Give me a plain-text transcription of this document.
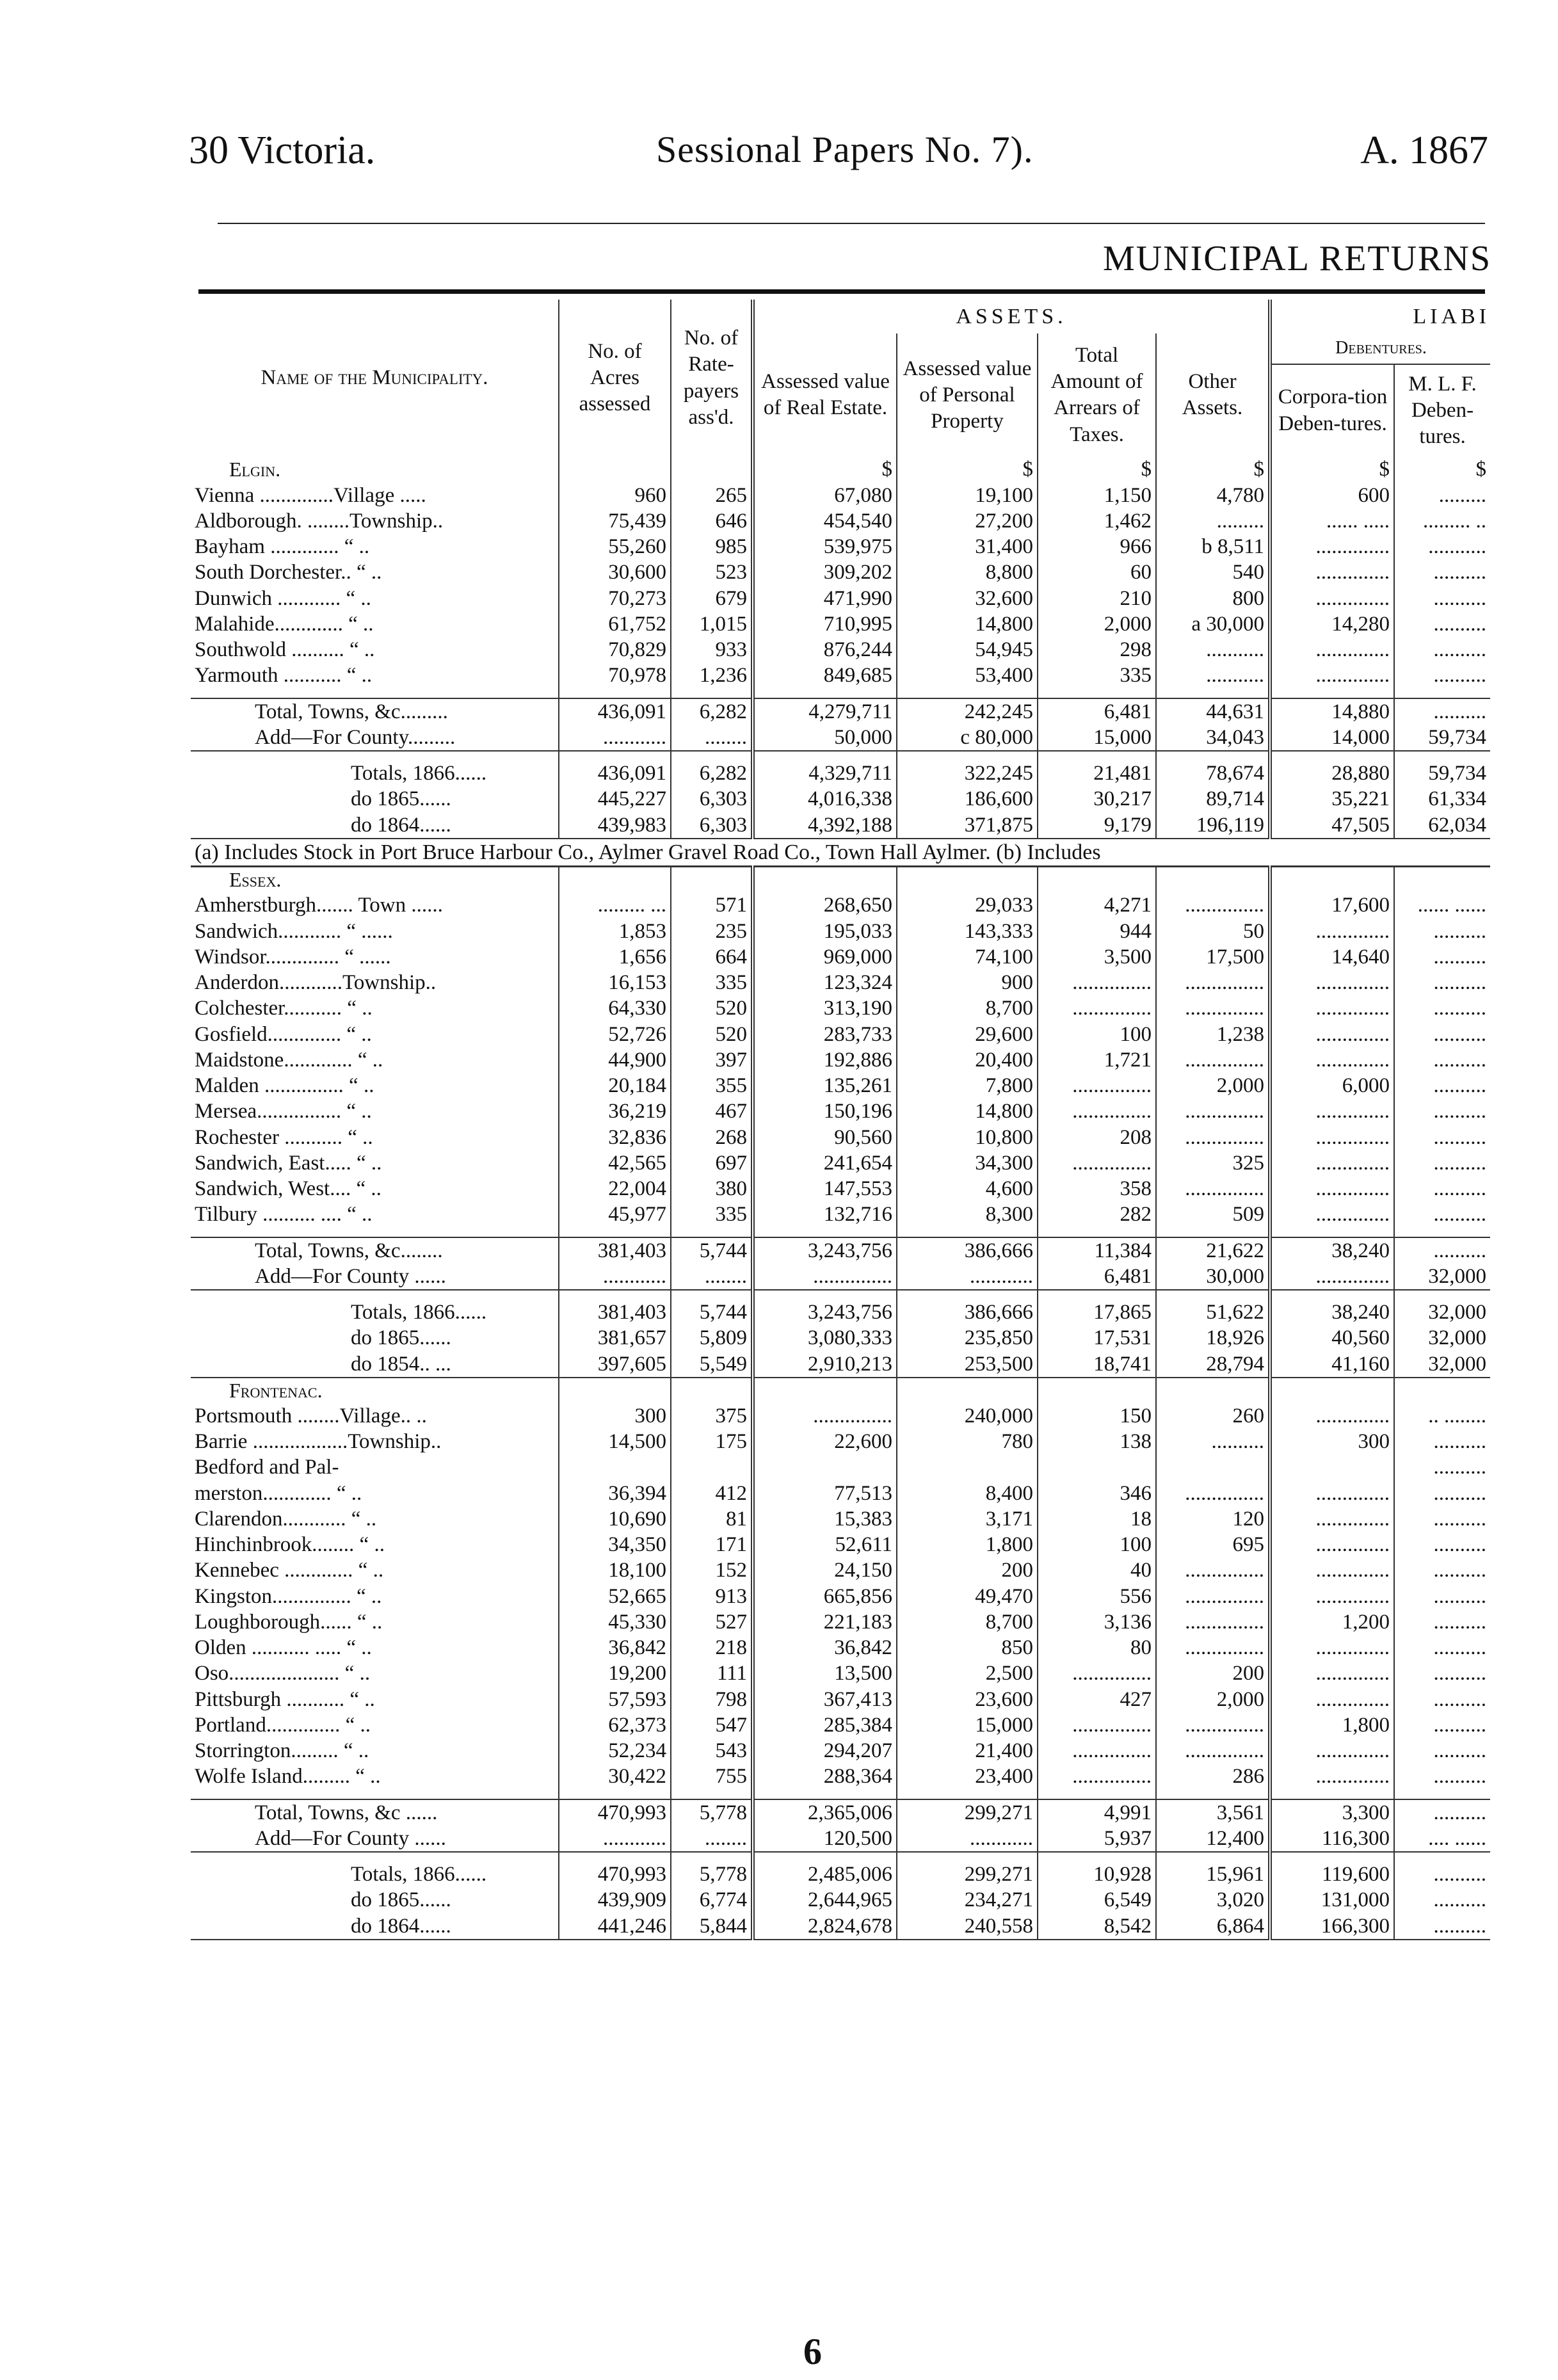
30 Victoria.	Sessional Papers No. 7).	A. 1867
MUNICIPAL RETURNS
Name of the Municipality.	No. of Acres assessed	No. of Rate-payers ass'd.	ASSETS.				LIABI	
			Assessed value of Real Estate.	Assessed value of Personal Property	Total Amount of Arrears of Taxes.	Other Assets.	Debentures.	
							Corpora-tion Deben-tures.	M. L. F. Deben-tures.
Elgin.			$	$	$	$	$	$
Vienna ..............Village .....	960	265	67,080	19,100	1,150	4,780	600	.........
Aldborough. ........Township..	75,439	646	454,540	27,200	1,462	.........	...... .....	......... ..
Bayham ............. “ ..	55,260	985	539,975	31,400	966	b 8,511	..............	...........
South Dorchester.. “ ..	30,600	523	309,202	8,800	60	540	..............	..........
Dunwich ............ “ ..	70,273	679	471,990	32,600	210	800	..............	..........
Malahide............. “ ..	61,752	1,015	710,995	14,800	2,000	a 30,000	14,280	..........
Southwold .......... “ ..	70,829	933	876,244	54,945	298	...........	..............	..........
Yarmouth ........... “ ..	70,978	1,236	849,685	53,400	335	...........	..............	..........

Total, Towns, &c.........	436,091	6,282	4,279,711	242,245	6,481	44,631	14,880	..........
Add—For County.........	............	........	50,000	c 80,000	15,000	34,043	14,000	59,734

Totals, 1866......	436,091	6,282	4,329,711	322,245	21,481	78,674	28,880	59,734
do 1865......	445,227	6,303	4,016,338	186,600	30,217	89,714	35,221	61,334
do 1864......	439,983	6,303	4,392,188	371,875	9,179	196,119	47,505	62,034
(a) Includes Stock in Port Bruce Harbour Co., Aylmer Gravel Road Co., Town Hall Aylmer. (b) Includes								
Essex.								
Amherstburgh....... Town ......	......... ...	571	268,650	29,033	4,271	...............	17,600	...... ......
Sandwich............ “ ......	1,853	235	195,033	143,333	944	50	..............	..........
Windsor.............. “ ......	1,656	664	969,000	74,100	3,500	17,500	14,640	..........
Anderdon............Township..	16,153	335	123,324	900	...............	...............	..............	..........
Colchester........... “ ..	64,330	520	313,190	8,700	...............	...............	..............	..........
Gosfield.............. “ ..	52,726	520	283,733	29,600	100	1,238	..............	..........
Maidstone............. “ ..	44,900	397	192,886	20,400	1,721	...............	..............	..........
Malden ............... “ ..	20,184	355	135,261	7,800	...............	2,000	6,000	..........
Mersea................ “ ..	36,219	467	150,196	14,800	...............	...............	..............	..........
Rochester ........... “ ..	32,836	268	90,560	10,800	208	...............	..............	..........
Sandwich, East..... “ ..	42,565	697	241,654	34,300	...............	325	..............	..........
Sandwich, West.... “ ..	22,004	380	147,553	4,600	358	...............	..............	..........
Tilbury .......... .... “ ..	45,977	335	132,716	8,300	282	509	..............	..........

Total, Towns, &c........	381,403	5,744	3,243,756	386,666	11,384	21,622	38,240	..........
Add—For County ......	............	........	...............	............	6,481	30,000	..............	32,000

Totals, 1866......	381,403	5,744	3,243,756	386,666	17,865	51,622	38,240	32,000
do 1865......	381,657	5,809	3,080,333	235,850	17,531	18,926	40,560	32,000
do 1854.. ...	397,605	5,549	2,910,213	253,500	18,741	28,794	41,160	32,000
Frontenac.								
Portsmouth ........Village.. ..	300	375	...............	240,000	150	260	..............	.. ........
Barrie ..................Township..	14,500	175	22,600	780	138	..........	300	..........
Bedford and Pal-								..........
merston............. “ ..	36,394	412	77,513	8,400	346	...............	..............	..........
Clarendon............ “ ..	10,690	81	15,383	3,171	18	120	..............	..........
Hinchinbrook........ “ ..	34,350	171	52,611	1,800	100	695	..............	..........
Kennebec ............. “ ..	18,100	152	24,150	200	40	...............	..............	..........
Kingston............... “ ..	52,665	913	665,856	49,470	556	...............	..............	..........
Loughborough...... “ ..	45,330	527	221,183	8,700	3,136	...............	1,200	..........
Olden ........... ..... “ ..	36,842	218	36,842	850	80	...............	..............	..........
Oso..................... “ ..	19,200	111	13,500	2,500	...............	200	..............	..........
Pittsburgh ........... “ ..	57,593	798	367,413	23,600	427	2,000	..............	..........
Portland.............. “ ..	62,373	547	285,384	15,000	...............	...............	1,800	..........
Storrington......... “ ..	52,234	543	294,207	21,400	...............	...............	..............	..........
Wolfe Island......... “ ..	30,422	755	288,364	23,400	...............	286	..............	..........

Total, Towns, &c ......	470,993	5,778	2,365,006	299,271	4,991	3,561	3,300	..........
Add—For County ......	............	........	120,500	............	5,937	12,400	116,300	.... ......

Totals, 1866......	470,993	5,778	2,485,006	299,271	10,928	15,961	119,600	..........
do 1865......	439,909	6,774	2,644,965	234,271	6,549	3,020	131,000	..........
do 1864......	441,246	5,844	2,824,678	240,558	8,542	6,864	166,300	..........
6
